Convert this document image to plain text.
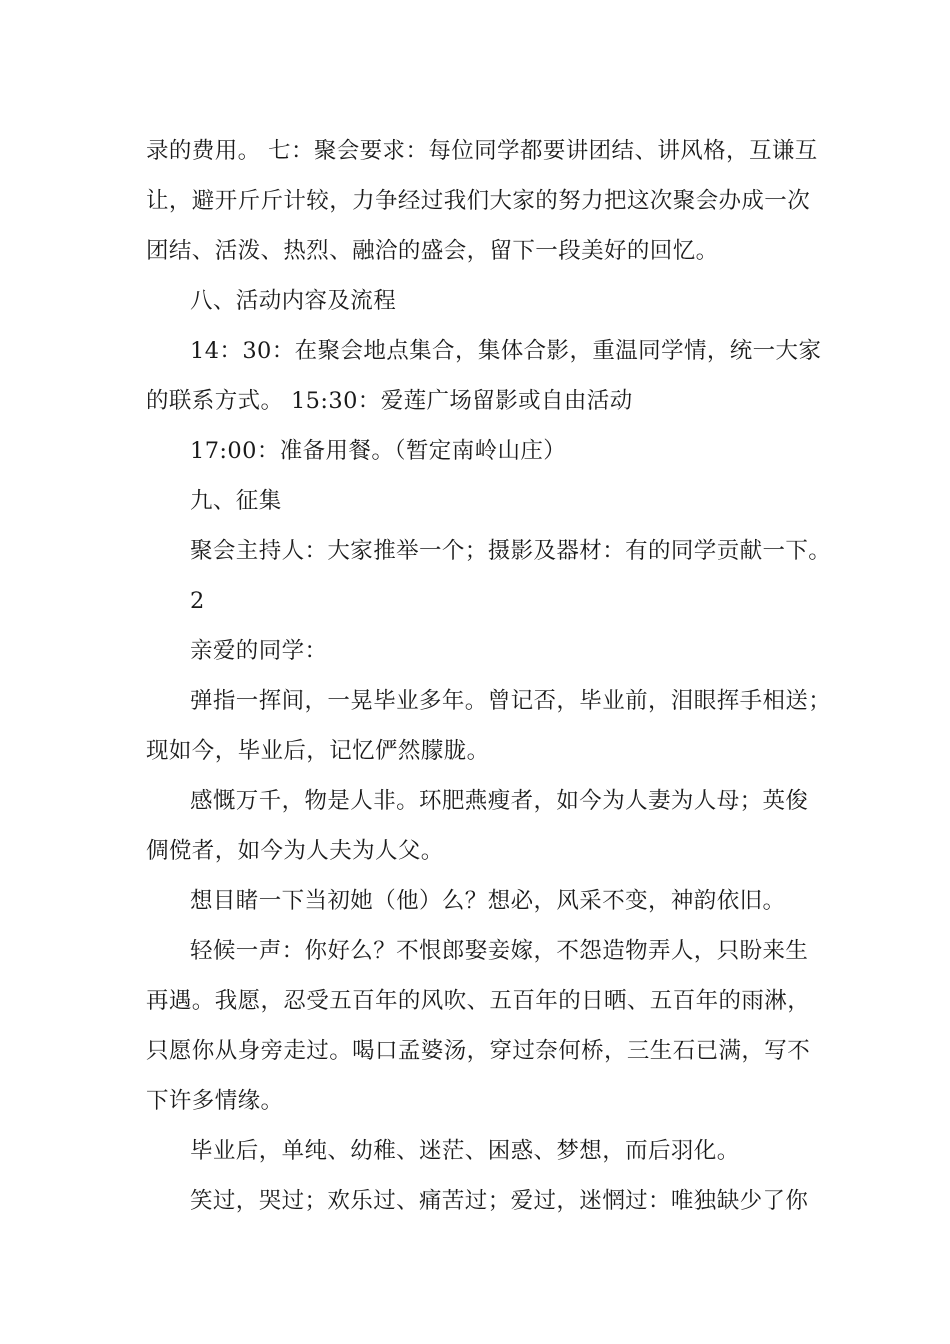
录的费用。 七：聚会要求：每位同学都要讲团结、讲风格，互谦互
让，避开斤斤计较，力争经过我们大家的努力把这次聚会办成一次
团结、活泼、热烈、融洽的盛会，留下一段美好的回忆。
八、活动内容及流程
14：30：在聚会地点集合，集体合影，重温同学情，统一大家
的联系方式。 15:30：爱莲广场留影或自由活动
17:00：准备用餐。（暂定南岭山庄）
九、征集
聚会主持人：大家推举一个；摄影及器材：有的同学贡献一下。
2
亲爱的同学：
弹指一挥间，一晃毕业多年。曾记否，毕业前，泪眼挥手相送；
现如今，毕业后，记忆俨然朦胧。
感慨万千，物是人非。环肥燕瘦者，如今为人妻为人母；英俊
倜傥者，如今为人夫为人父。
想目睹一下当初她（他）么？想必，风采不变，神韵依旧。
轻候一声：你好么？不恨郎娶妾嫁，不怨造物弄人，只盼来生
再遇。我愿，忍受五百年的风吹、五百年的日晒、五百年的雨淋，
只愿你从身旁走过。喝口孟婆汤，穿过奈何桥，三生石已满，写不
下许多情缘。
毕业后，单纯、幼稚、迷茫、困惑、梦想，而后羽化。
笑过，哭过；欢乐过、痛苦过；爱过，迷惘过：唯独缺少了你
